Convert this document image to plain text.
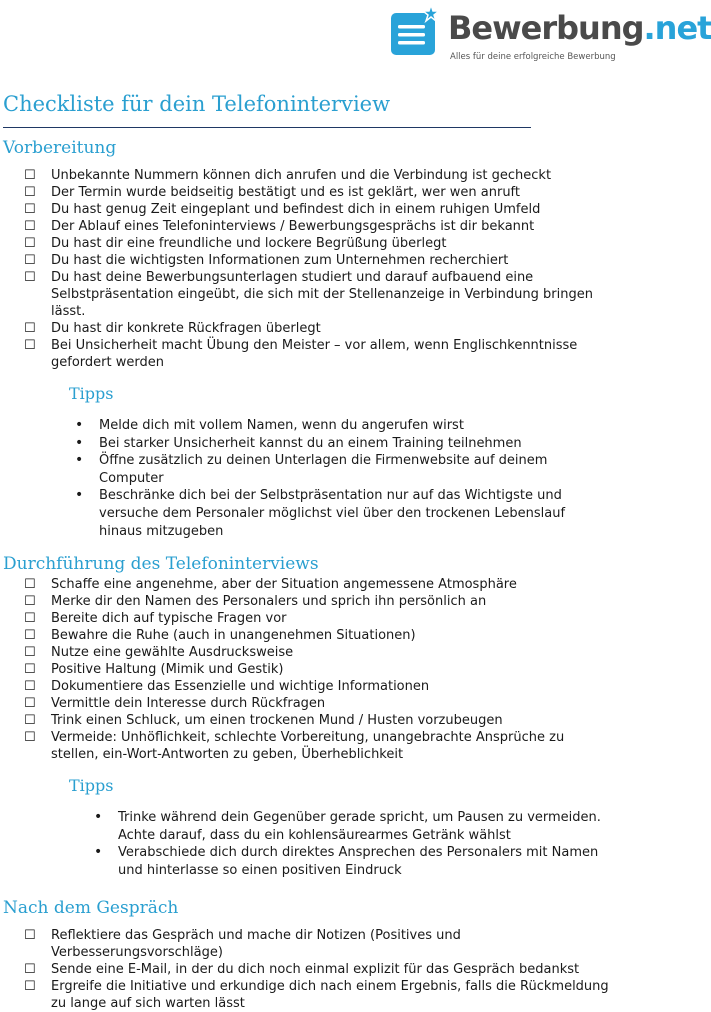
Bewerbung.net
Alles für deine erfolgreiche Bewerbung
Checkliste für dein Telefoninterview
Vorbereitung
☐ Unbekannte Nummern können dich anrufen und die Verbindung ist gecheckt
☐ Der Termin wurde beidseitig bestätigt und es ist geklärt, wer wen anruft
☐ Du hast genug Zeit eingeplant und befindest dich in einem ruhigen Umfeld
☐ Der Ablauf eines Telefoninterviews / Bewerbungsgesprächs ist dir bekannt
☐ Du hast dir eine freundliche und lockere Begrüßung überlegt
☐ Du hast die wichtigsten Informationen zum Unternehmen recherchiert
☐ Du hast deine Bewerbungsunterlagen studiert und darauf aufbauend eine Selbstpräsentation eingeübt, die sich mit der Stellenanzeige in Verbindung bringen lässt.
☐ Du hast dir konkrete Rückfragen überlegt
☐ Bei Unsicherheit macht Übung den Meister – vor allem, wenn Englischkenntnisse gefordert werden
Tipps
• Melde dich mit vollem Namen, wenn du angerufen wirst
• Bei starker Unsicherheit kannst du an einem Training teilnehmen
• Öffne zusätzlich zu deinen Unterlagen die Firmenwebsite auf deinem Computer
• Beschränke dich bei der Selbstpräsentation nur auf das Wichtigste und versuche dem Personaler möglichst viel über den trockenen Lebenslauf hinaus mitzugeben
Durchführung des Telefoninterviews
☐ Schaffe eine angenehme, aber der Situation angemessene Atmosphäre
☐ Merke dir den Namen des Personalers und sprich ihn persönlich an
☐ Bereite dich auf typische Fragen vor
☐ Bewahre die Ruhe (auch in unangenehmen Situationen)
☐ Nutze eine gewählte Ausdrucksweise
☐ Positive Haltung (Mimik und Gestik)
☐ Dokumentiere das Essenzielle und wichtige Informationen
☐ Vermittle dein Interesse durch Rückfragen
☐ Trink einen Schluck, um einen trockenen Mund / Husten vorzubeugen
☐ Vermeide: Unhöflichkeit, schlechte Vorbereitung, unangebrachte Ansprüche zu stellen, ein-Wort-Antworten zu geben, Überheblichkeit
Tipps
• Trinke während dein Gegenüber gerade spricht, um Pausen zu vermeiden. Achte darauf, dass du ein kohlensäurearmes Getränk wählst
• Verabschiede dich durch direktes Ansprechen des Personalers mit Namen und hinterlasse so einen positiven Eindruck
Nach dem Gespräch
☐ Reflektiere das Gespräch und mache dir Notizen (Positives und Verbesserungsvorschläge)
☐ Sende eine E-Mail, in der du dich noch einmal explizit für das Gespräch bedankst
☐ Ergreife die Initiative und erkundige dich nach einem Ergebnis, falls die Rückmeldung zu lange auf sich warten lässt
